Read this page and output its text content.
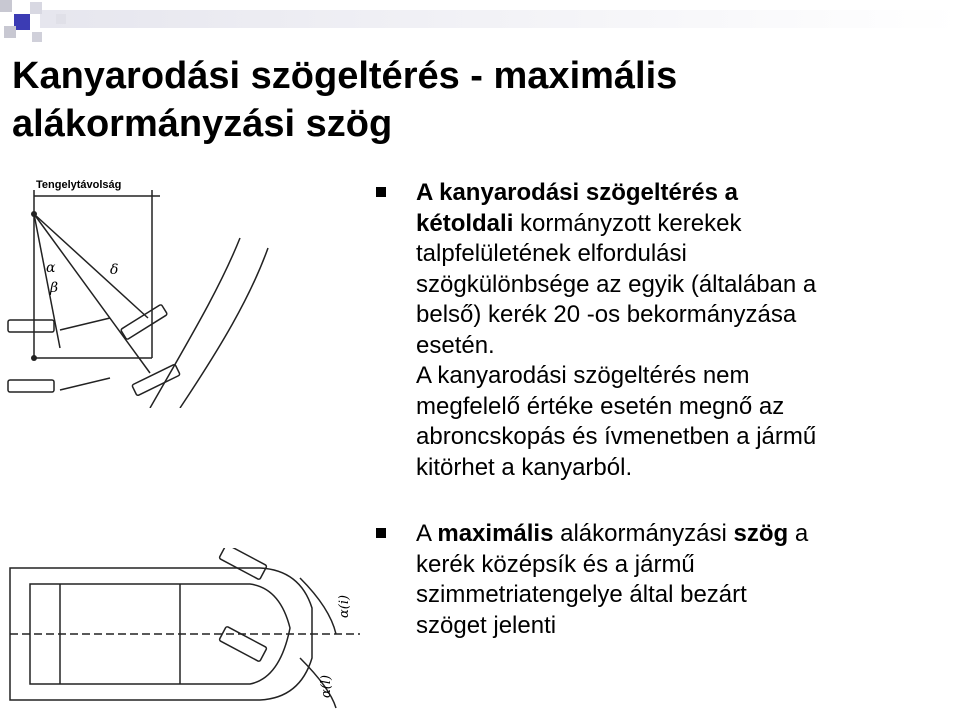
Kanyarodási szögeltérés - maximális
alákormányzási szög
Tengelytávolság
α
β
δ
α(i)
α(l)
A kanyarodási szögeltérés a
kétoldali kormányzott kerekek
talpfelületének elfordulási
szögkülönbsége az egyik (általában a
belső) kerék 20 -os bekormányzása
esetén.
A kanyarodási szögeltérés nem
megfelelő értéke esetén megnő az
abroncskopás és ívmenetben a jármű
kitörhet a kanyarból.
A maximális alákormányzási szög a
kerék középsík és a jármű
szimmetriatengelye által bezárt
szöget jelenti
